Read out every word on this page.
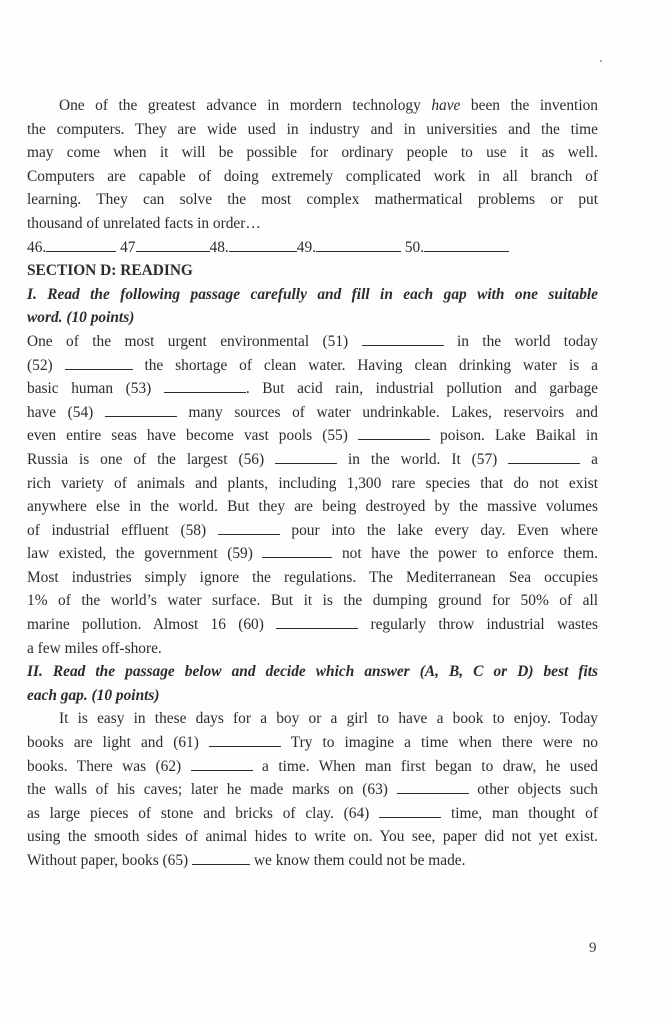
One of the greatest advance in mordern technology have been the invention
the computers. They are wide used in industry and in universities and the time
may come when it will be possible for ordinary people to use it as well.
Computers are capable of doing extremely complicated work in all branch of
learning. They can solve the most complex mathermatical problems or put
thousand of unrelated facts in order…
46.	47	48.	49.	50.
SECTION D: READING
I. Read the following passage carefully and fill in each gap with one suitable
word. (10 points)
One of the most urgent environmental (51)	in the world today
(52)	the shortage of clean water. Having clean drinking water is a
basic human (53)	. But acid rain, industrial pollution and garbage
have (54)	many sources of water undrinkable. Lakes, reservoirs and
even entire seas have become vast pools (55)	poison. Lake Baikal in
Russia is one of the largest (56)	in the world. It (57)	a
rich variety of animals and plants, including 1,300 rare species that do not exist
anywhere else in the world. But they are being destroyed by the massive volumes
of industrial effluent (58)	pour into the lake every day. Even where
law existed, the government (59)	not have the power to enforce them.
Most industries simply ignore the regulations. The Mediterranean Sea occupies
1% of the world’s water surface. But it is the dumping ground for 50% of all
marine pollution. Almost 16 (60)	regularly throw industrial wastes
a few miles off-shore.
II. Read the passage below and decide which answer (A, B, C or D) best fits
each gap. (10 points)
It is easy in these days for a boy or a girl to have a book to enjoy. Today
books are light and (61)	Try to imagine a time when there were no
books. There was (62)	a time. When man first began to draw, he used
the walls of his caves; later he made marks on (63)	other objects such
as large pieces of stone and bricks of clay. (64)	time, man thought of
using the smooth sides of animal hides to write on. You see, paper did not yet exist.
Without paper, books (65)	we know them could not be made.
9
